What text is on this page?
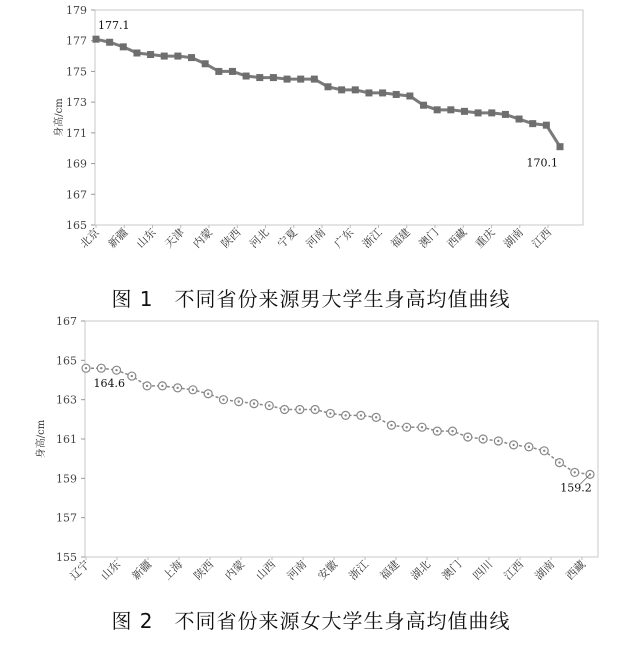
165
167
169
171
173
175
177
179
身高/cm
北京 新疆 山东 天津 内蒙 陕西 河北 宁夏 河南 广东 浙江 福建 澳门 西藏 重庆 湖南 江西
177.1
170.1
图 1　不同省份来源男大学生身高均值曲线
155
157
159
161
163
165
167
身高/cm
辽宁 山东 新疆 上海 陕西 内蒙 山西 河南 安徽 浙江 福建 湖北 澳门 四川 江西 湖南 西藏
164.6
159.2
图 2　不同省份来源女大学生身高均值曲线
